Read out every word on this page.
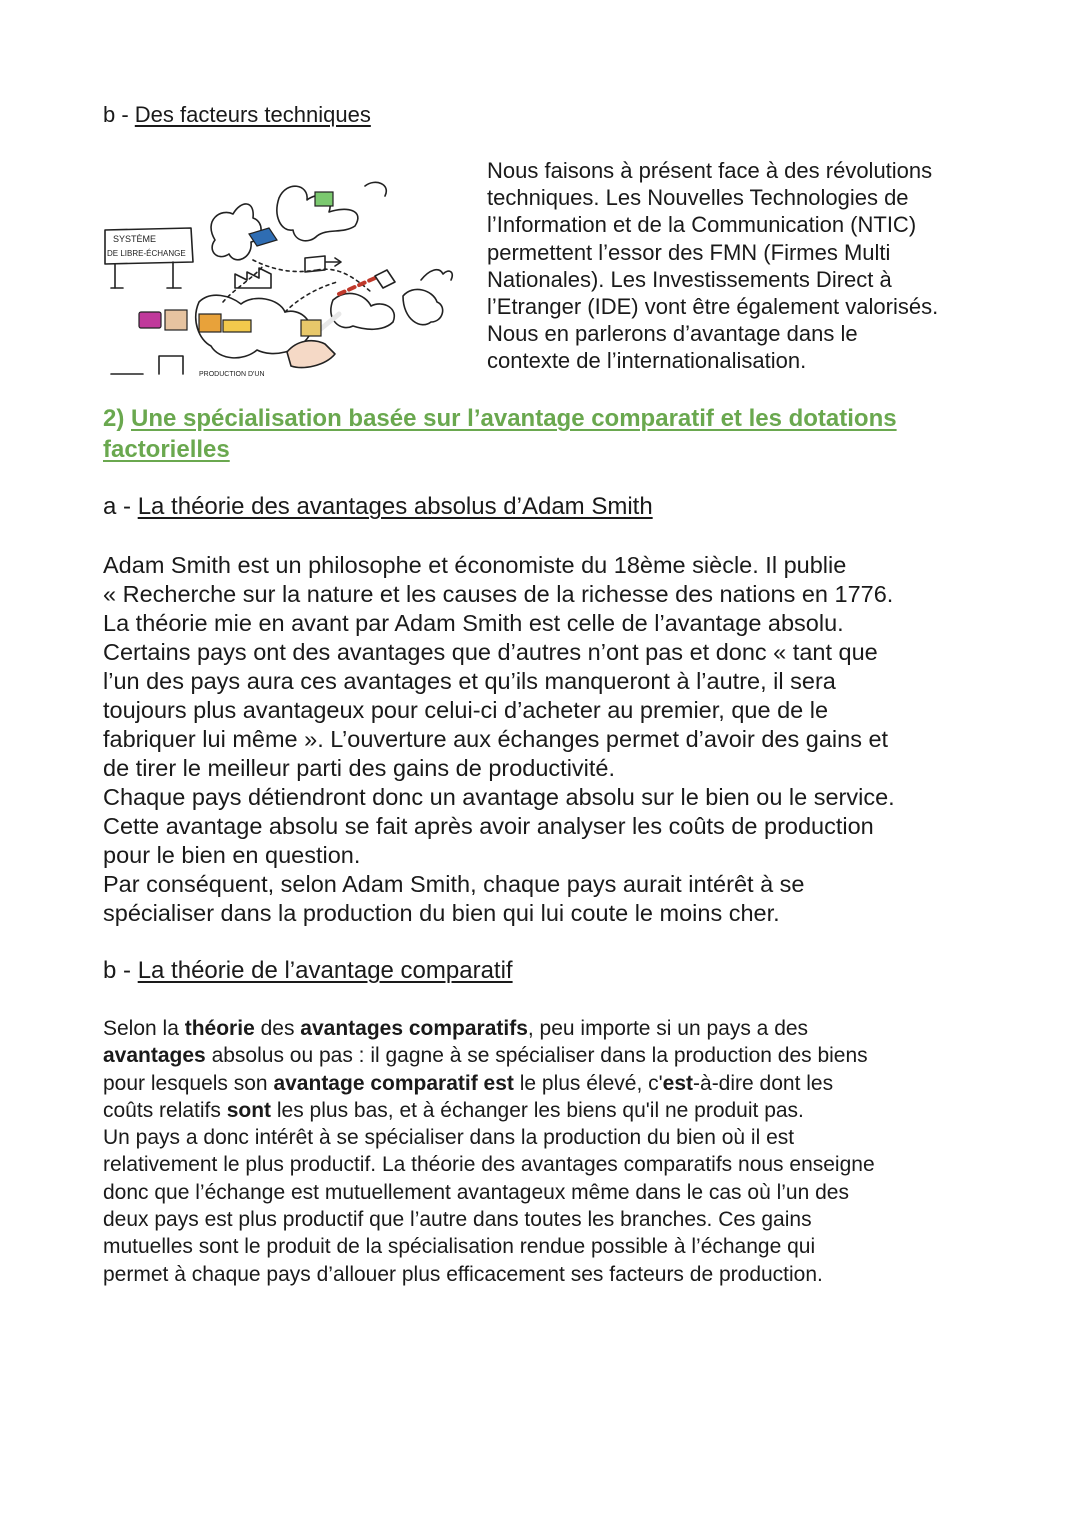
b - Des facteurs techniques
SYSTÈME
DE LIBRE-ÉCHANGE
PRODUCTION D'UN
Nous faisons à présent face à des révolutions
techniques. Les Nouvelles Technologies de
l’Information et de la Communication (NTIC)
permettent l’essor des FMN (Firmes Multi
Nationales). Les Investissements Direct à
l’Etranger (IDE) vont être également valorisés.
Nous en parlerons d’avantage dans le
contexte de l’internationalisation.
2) Une spécialisation basée sur l’avantage comparatif et les dotations
factorielles
a - La théorie des avantages absolus d’Adam Smith
Adam Smith est un philosophe et économiste du 18ème siècle. Il publie
« Recherche sur la nature et les causes de la richesse des nations en 1776.
La théorie mie en avant par Adam Smith est celle de l’avantage absolu.
Certains pays ont des avantages que d’autres n’ont pas et donc « tant que
l’un des pays aura ces avantages et qu’ils manqueront à l’autre, il sera
toujours plus avantageux pour celui-ci d’acheter au premier, que de le
fabriquer lui même ». L’ouverture aux échanges permet d’avoir des gains et
de tirer le meilleur parti des gains de productivité.
Chaque pays détiendront donc un avantage absolu sur le bien ou le service.
Cette avantage absolu se fait après avoir analyser les coûts de production
pour le bien en question.
Par conséquent, selon Adam Smith, chaque pays aurait intérêt à se
spécialiser dans la production du bien qui lui coute le moins cher.
b - La théorie de l’avantage comparatif
Selon la théorie des avantages comparatifs, peu importe si un pays a des
avantages absolus ou pas : il gagne à se spécialiser dans la production des biens
pour lesquels son avantage comparatif est le plus élevé, c'est-à-dire dont les
coûts relatifs sont les plus bas, et à échanger les biens qu'il ne produit pas.
Un pays a donc intérêt à se spécialiser dans la production du bien où il est
relativement le plus productif. La théorie des avantages comparatifs nous enseigne
donc que l’échange est mutuellement avantageux même dans le cas où l’un des
deux pays est plus productif que l’autre dans toutes les branches. Ces gains
mutuelles sont le produit de la spécialisation rendue possible à l’échange qui
permet à chaque pays d’allouer plus efficacement ses facteurs de production.
